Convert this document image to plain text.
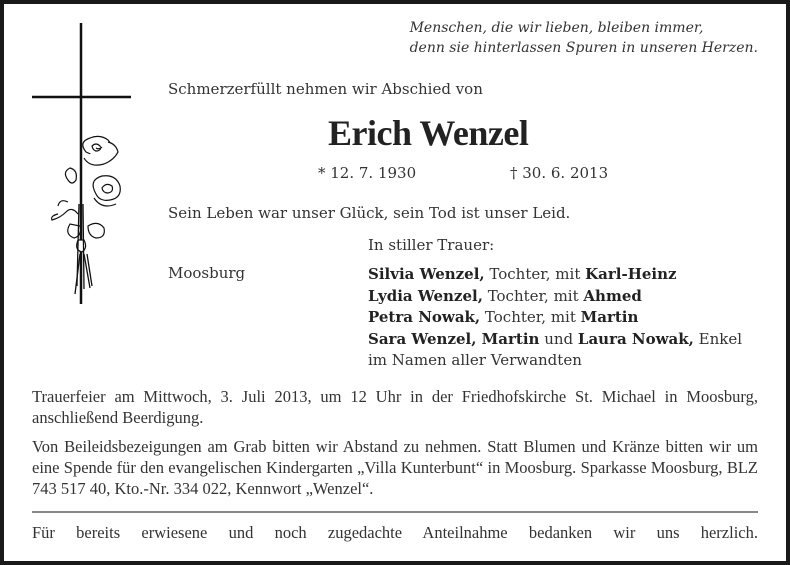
Menschen, die wir lieben, bleiben immer,
denn sie hinterlassen Spuren in unseren Herzen.
Schmerzerfüllt nehmen wir Abschied von
Erich Wenzel
* 12. 7. 1930	† 30. 6. 2013
Sein Leben war unser Glück, sein Tod ist unser Leid.
In stiller Trauer:
Moosburg	Silvia Wenzel, Tochter, mit Karl-Heinz
Lydia Wenzel, Tochter, mit Ahmed
Petra Nowak, Tochter, mit Martin
Sara Wenzel, Martin und Laura Nowak, Enkel
im Namen aller Verwandten
Trauerfeier am Mittwoch, 3. Juli 2013, um 12 Uhr in der Friedhofskirche St. Michael in Moosburg, anschließend Beerdigung.
Von Beileidsbezeigungen am Grab bitten wir Abstand zu nehmen. Statt Blumen und Kränze bitten wir um eine Spende für den evangelischen Kindergarten „Villa Kunterbunt“ in Moosburg. Sparkasse Moosburg, BLZ 743 517 40, Kto.-Nr. 334 022, Kennwort „Wenzel“.
Für bereits erwiesene und noch zugedachte Anteilnahme bedanken wir uns herzlich.
